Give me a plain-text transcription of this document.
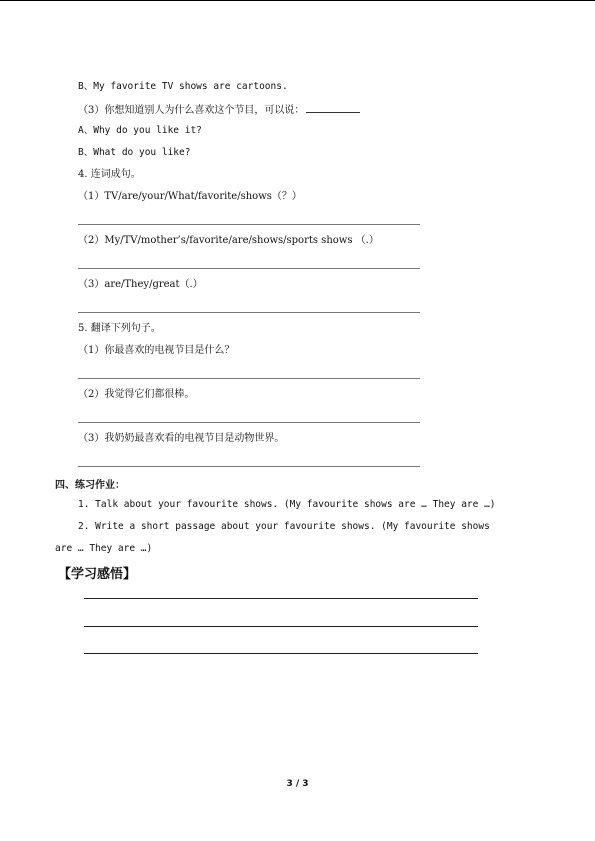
B、My favorite TV shows are cartoons.
（3）你想知道别人为什么喜欢这个节目，可以说：
A、Why do you like it?
B、What do you like?
4. 连词成句。
（1）TV/are/your/What/favorite/shows（？）
（2）My/TV/mother’s/favorite/are/shows/sports shows （.）
（3）are/They/great（.）
5. 翻译下列句子。
（1）你最喜欢的电视节目是什么？
（2）我觉得它们都很棒。
（3）我奶奶最喜欢看的电视节目是动物世界。
四、练习作业：
1. Talk about your favourite shows. (My favourite shows are … They are …)
2. Write a short passage about your favourite shows. (My favourite shows
are … They are …)
【学习感悟】
3 / 3
